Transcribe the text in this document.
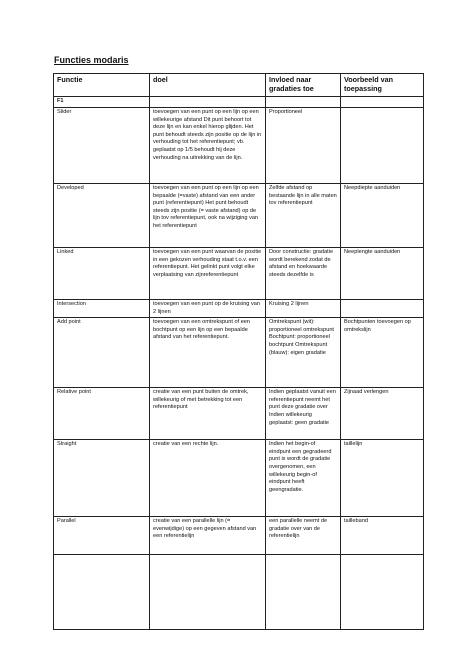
Functies modaris
Functie	doel	Invloed naar gradaties toe	Voorbeeld van toepassing
F1			
Slider	toevoegen van een punt op een lijn op een willekeurige afstand Dit punt behoort tot deze lijn en kan enkel hierop glijden. Het punt behoudt steeds zijn positie op de lijn in verhouding tot het referentiepunt; vb. geplaatst op 1/5 behoudt hij deze verhouding na uitrekking van de lijn.	Proportioneel	
Developed	toevoegen van een punt op een lijn op een bepaalde (=vaste) afstand van een ander punt (referentiepunt) Het punt behoudt steeds zijn positie (= vaste afstand) op de lijn tov referentiepunt, ook na wijziging van het referentiepunt	Zelfde afstand op bestaande lijn in alle maten tov referentiepunt	Neepdiepte aanduiden
Linked	toevoegen van een punt waarvan de positie in een gekozen verhouding staat t.o.v. een referentiepunt. Het gelinkt punt volgt elke verplaatsing van zijnreferentiepunt	Door constructie: gradatie wordt berekend zodat de afstand en hoekwaarde steeds dezelfde is	Neeplengte aanduiden
Intersection	toevoegen van een punt op de kruising van 2 lijnen	Kruising 2 lijnen	
Add point	toevoegen van een omtrekspunt of een bochtpunt op een lijn op een bepaalde afstand van het referentiepunt.	Omtrekspunt (wit): proportioneel omtrekspunt Bochtpunt: proportioneel bochtpunt Omtrekspunt (blauw): eigen gradatie	Bochtpunten toevoegen op omtrekslijn
Relative point	creatie van een punt buiten de omtrek, willekeurig of met betrekking tot een referentiepunt	Indien geplaatst vanuit een referentiepunt neemt het punt deze gradatie over Indien willekeurig geplaatst: geen gradatie	Zijnaad verlengen
Straight	creatie van een rechte lijn.	Indien het begin-of eindpunt een gegradeerd punt is wordt de gradatie overgenomen, een willekeurig begin-of eindpunt heeft geengradatie.	taillelijn
Parallel	creatie van een parallelle lijn (= evenwijdige) op een gegeven afstand van een referentielijn	een parallelle neemt de gradatie over van de referentielijn	tailleband
